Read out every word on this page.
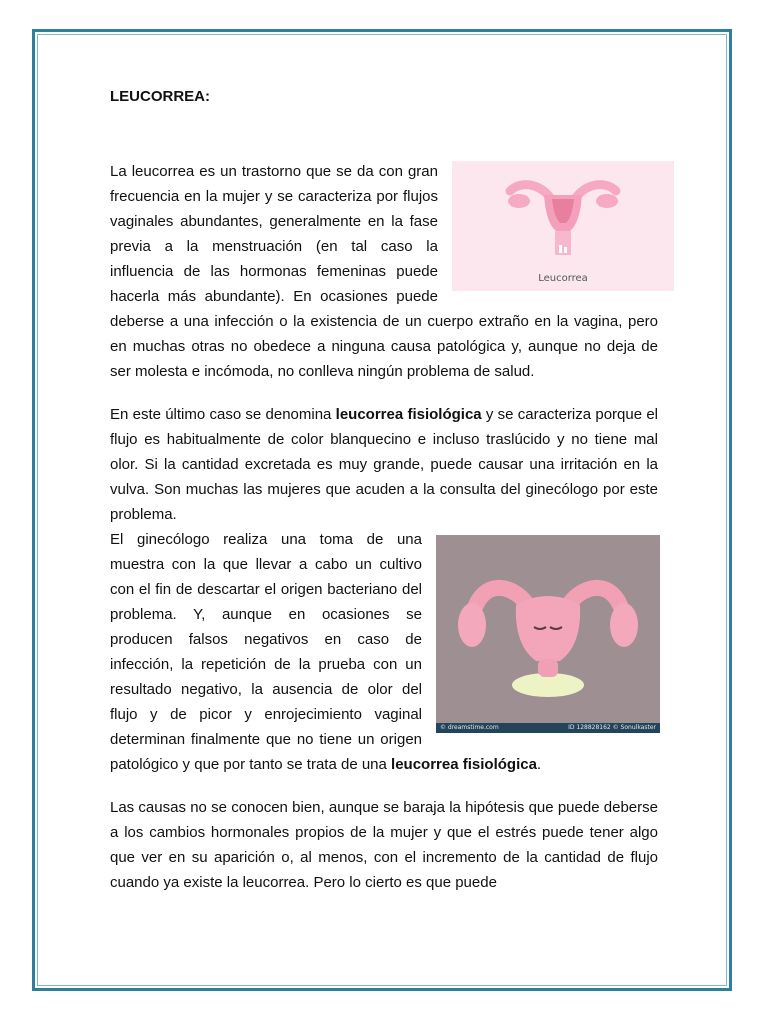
LEUCORREA:
Leucorrea

La leucorrea es un trastorno que se da con gran frecuencia en la mujer y se caracteriza por flujos vaginales abundantes, generalmente en la fase previa a la menstruación (en tal caso la influencia de las hormonas femeninas puede hacerla más abundante). En ocasiones puede deberse a una infección o la existencia de un cuerpo extraño en la vagina, pero en muchas otras no obedece a ninguna causa patológica y, aunque no deja de ser molesta e incómoda, no conlleva ningún problema de salud.

En este último caso se denomina leucorrea fisiológica y se caracteriza porque el flujo es habitualmente de color blanquecino e incluso traslúcido y no tiene mal olor. Si la cantidad excretada es muy grande, puede causar una irritación en la vulva. Son muchas las mujeres que acuden a la consulta del ginecólogo por este problema.

© dreamstime.com	ID 128828162 © Sonulkaster

El ginecólogo realiza una toma de una muestra con la que llevar a cabo un cultivo con el fin de descartar el origen bacteriano del problema. Y, aunque en ocasiones se producen falsos negativos en caso de infección, la repetición de la prueba con un resultado negativo, la ausencia de olor del flujo y de picor y enrojecimiento vaginal determinan finalmente que no tiene un origen patológico y que por tanto se trata de una leucorrea fisiológica.

Las causas no se conocen bien, aunque se baraja la hipótesis que puede deberse a los cambios hormonales propios de la mujer y que el estrés puede tener algo que ver en su aparición o, al menos, con el incremento de la cantidad de flujo cuando ya existe la leucorrea. Pero lo cierto es que puede
